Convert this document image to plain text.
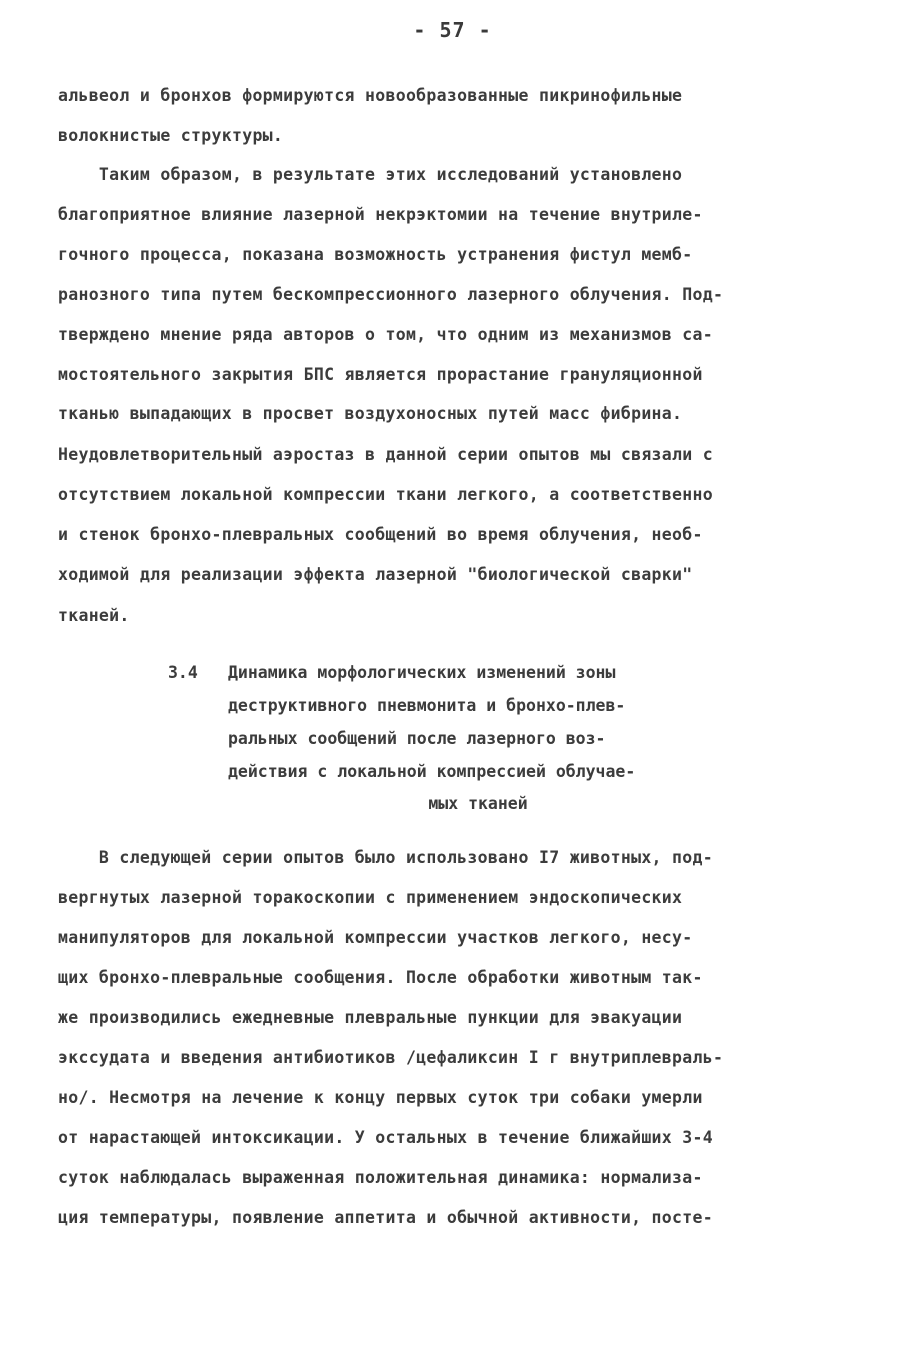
- 57 -
альвеол и бронхов формируются новообразованные пикринофильные
волокнистые структуры.
Таким образом, в результате этих исследований установлено
благоприятное влияние лазерной некрэктомии на течение внутриле-
гочного процесса, показана возможность устранения фистул мемб-
ранозного типа путем бескомпрессионного лазерного облучения. Под-
тверждено мнение ряда авторов о том, что одним из механизмов са-
мостоятельного закрытия БПС является прорастание грануляционной
тканью выпадающих в просвет воздухоносных путей масс фибрина.
Неудовлетворительный аэростаз в данной серии опытов мы связали с
отсутствием локальной компрессии ткани легкого, а соответственно
и стенок бронхо-плевральных сообщений во время облучения, необ-
ходимой для реализации эффекта лазерной "биологической сварки"
тканей.
3.4 Динамика морфологических изменений зоны
деструктивного пневмонита и бронхо-плев-
ральных сообщений после лазерного воз-
действия с локальной компрессией облучае-
мых тканей
В следующей серии опытов было использовано I7 животных, под-
вергнутых лазерной торакоскопии с применением эндоскопических
манипуляторов для локальной компрессии участков легкого, несу-
щих бронхо-плевральные сообщения. После обработки животным так-
же производились ежедневные плевральные пункции для эвакуации
экссудата и введения антибиотиков /цефаликсин I г внутриплевраль-
но/. Несмотря на лечение к концу первых суток три собаки умерли
от нарастающей интоксикации. У остальных в течение ближайших 3-4
суток наблюдалась выраженная положительная динамика: нормализа-
ция температуры, появление аппетита и обычной активности, посте-
